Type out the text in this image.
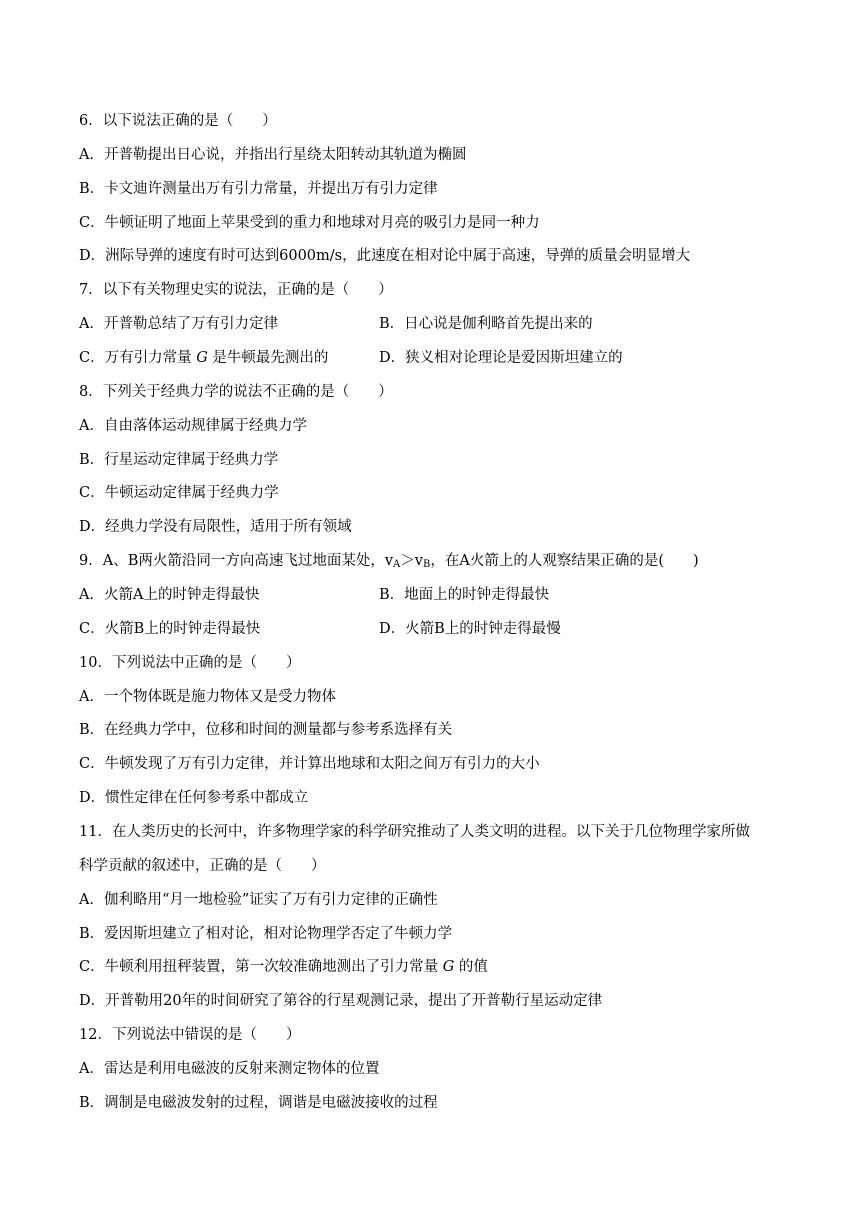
6．以下说法正确的是（　　）
A．开普勒提出日心说，并指出行星绕太阳转动其轨道为椭圆
B．卡文迪许测量出万有引力常量，并提出万有引力定律
C．牛顿证明了地面上苹果受到的重力和地球对月亮的吸引力是同一种力
D．洲际导弹的速度有时可达到6000m/s，此速度在相对论中属于高速，导弹的质量会明显增大
7．以下有关物理史实的说法，正确的是（　　）
A．开普勒总结了万有引力定律	B．日心说是伽利略首先提出来的
C．万有引力常量 G 是牛顿最先测出的	D．狭义相对论理论是爱因斯坦建立的
8．下列关于经典力学的说法不正确的是（　　）
A．自由落体运动规律属于经典力学
B．行星运动定律属于经典力学
C．牛顿运动定律属于经典力学
D．经典力学没有局限性，适用于所有领域
9．A、B两火箭沿同一方向高速飞过地面某处，$v_A>v_B$，在A火箭上的人观察结果正确的是(　　)
A．火箭A上的时钟走得最快	B．地面上的时钟走得最快
C．火箭B上的时钟走得最快	D．火箭B上的时钟走得最慢
10．下列说法中正确的是（　　）
A．一个物体既是施力物体又是受力物体
B．在经典力学中，位移和时间的测量都与参考系选择有关
C．牛顿发现了万有引力定律，并计算出地球和太阳之间万有引力的大小
D．惯性定律在任何参考系中都成立
11．在人类历史的长河中，许多物理学家的科学研究推动了人类文明的进程。以下关于几位物理学家所做
科学贡献的叙述中，正确的是（　　）
A．伽利略用“月一地检验”证实了万有引力定律的正确性
B．爱因斯坦建立了相对论，相对论物理学否定了牛顿力学
C．牛顿利用扭秤装置，第一次较准确地测出了引力常量 G 的值
D．开普勒用20年的时间研究了第谷的行星观测记录，提出了开普勒行星运动定律
12．下列说法中错误的是（　　）
A．雷达是利用电磁波的反射来测定物体的位置
B．调制是电磁波发射的过程，调谐是电磁波接收的过程
